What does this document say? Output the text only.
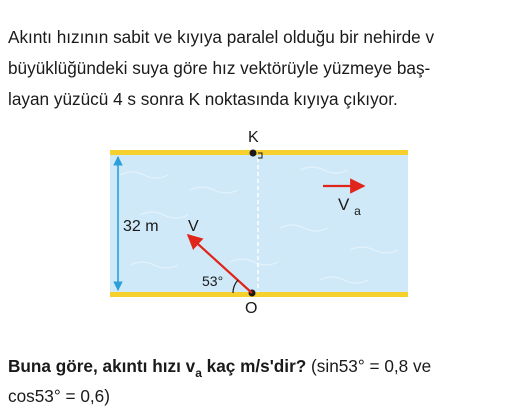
Akıntı hızının sabit ve kıyıya paralel olduğu bir nehirde v
büyüklüğündeki suya göre hız vektörüyle yüzmeye baş-
layan yüzücü 4 s sonra K noktasında kıyıya çıkıyor.

32 m
K
O
V
53°
V $_a$

Buna göre, akıntı hızı $v_a$ kaç m/s'dir? (sin53° = 0,8 ve
cos53° = 0,6)
